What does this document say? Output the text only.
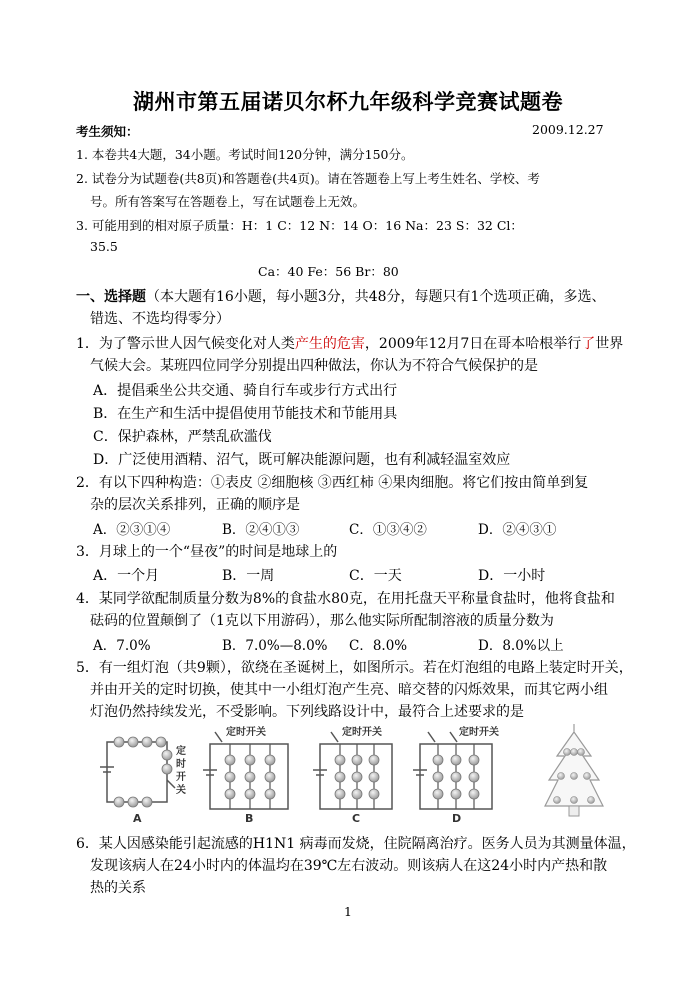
湖州市第五届诺贝尔杯九年级科学竞赛试题卷
考生须知：	2009.12.27
1. 本卷共4大题，34小题。考试时间120分钟，满分150分。
2. 试卷分为试题卷(共8页)和答题卷(共4页)。请在答题卷上写上考生姓名、学校、考
号。所有答案写在答题卷上，写在试题卷上无效。
3. 可能用到的相对原子质量：H：1 C：12 N：14 O：16 Na：23 S：32 Cl：
35.5
Ca：40 Fe：56 Br：80
一、选择题（本大题有16小题，每小题3分，共48分，每题只有1个选项正确，多选、
错选、不选均得零分）
1．为了警示世人因气候变化对人类产生的危害，2009年12月7日在哥本哈根举行了世界
气候大会。某班四位同学分别提出四种做法，你认为不符合气候保护的是
A．提倡乘坐公共交通、骑自行车或步行方式出行
B．在生产和生活中提倡使用节能技术和节能用具
C．保护森林，严禁乱砍滥伐
D．广泛使用酒精、沼气，既可解决能源问题，也有利减轻温室效应
2．有以下四种构造：①表皮 ②细胞核 ③西红柿 ④果肉细胞。将它们按由简单到复
杂的层次关系排列，正确的顺序是
A．②③①④	B．②④①③	C．①③④②	D．②④③①
3．月球上的一个“昼夜”的时间是地球上的
A．一个月	B．一周	C．一天	D．一小时
4．某同学欲配制质量分数为8%的食盐水80克，在用托盘天平称量食盐时，他将食盐和
砝码的位置颠倒了（1克以下用游码），那么他实际所配制溶液的质量分数为
A．7.0%	B．7.0%—8.0% C．8.0%	D．8.0%以上
5．有一组灯泡（共9颗），欲绕在圣诞树上，如图所示。若在灯泡组的电路上装定时开关，
并由开关的定时切换，使其中一小组灯泡产生亮、暗交替的闪烁效果，而其它两小组
灯泡仍然持续发光，不受影响。下列线路设计中，最符合上述要求的是
定
时
开
关
A
定时开关
B
定时开关
C
定时开关
D
6．某人因感染能引起流感的H1N1 病毒而发烧，住院隔离治疗。医务人员为其测量体温，
发现该病人在24小时内的体温均在39℃左右波动。则该病人在这24小时内产热和散
热的关系
1
